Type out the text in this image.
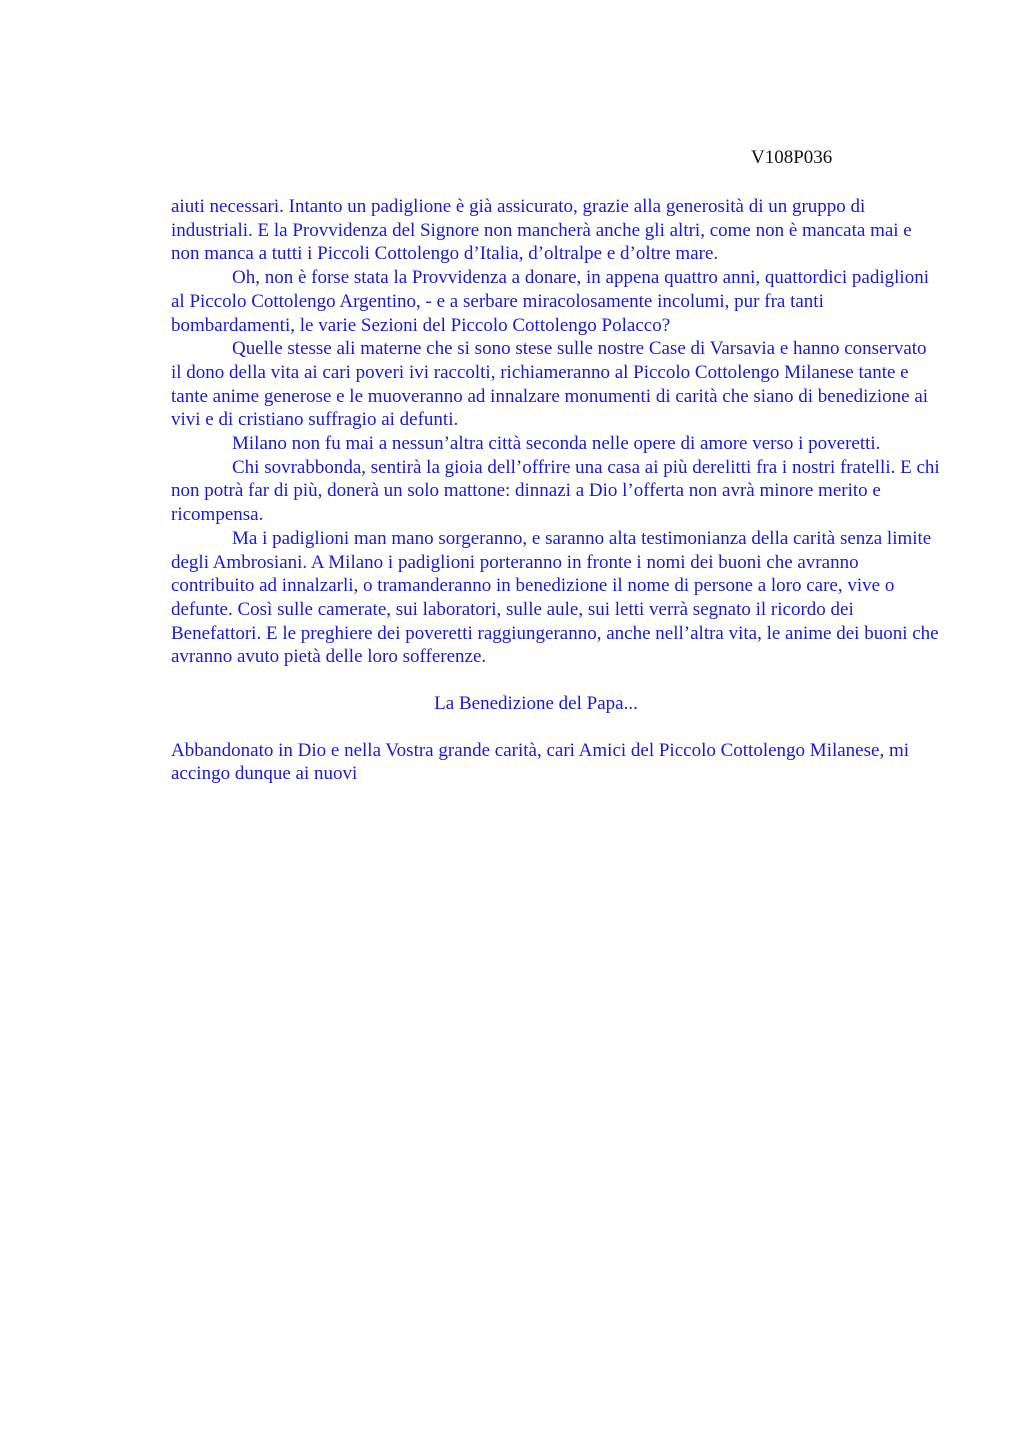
V108P036

aiuti necessari. Intanto un padiglione è già assicurato, grazie alla generosità di un gruppo di industriali. E la Provvidenza del Signore non mancherà anche gli altri, come non è mancata mai e non manca a tutti i Piccoli Cottolengo d’Italia, d’oltralpe e d’oltre mare.

Oh, non è forse stata la Provvidenza a donare, in appena quattro anni, quattordici padiglioni al Piccolo Cottolengo Argentino, - e a serbare miracolosamente incolumi, pur fra tanti bombardamenti, le varie Sezioni del Piccolo Cottolengo Polacco?

Quelle stesse ali materne che si sono stese sulle nostre Case di Varsavia e hanno conservato il dono della vita ai cari poveri ivi raccolti, richiameranno al Piccolo Cottolengo Milanese tante e tante anime generose e le muoveranno ad innalzare monumenti di carità che siano di benedizione ai vivi e di cristiano suffragio ai defunti.

Milano non fu mai a nessun’altra città seconda nelle opere di amore verso i poveretti.

Chi sovrabbonda, sentirà la gioia dell’offrire una casa ai più derelitti fra i nostri fratelli. E chi non potrà far di più, donerà un solo mattone: dinnazi a Dio l’offerta non avrà minore merito e ricompensa.

Ma i padiglioni man mano sorgeranno, e saranno alta testimonianza della carità senza limite degli Ambrosiani. A Milano i padiglioni porteranno in fronte i nomi dei buoni che avranno contribuito ad innalzarli, o tramanderanno in benedizione il nome di persone a loro care, vive o defunte. Così sulle camerate, sui laboratori, sulle aule, sui letti verrà segnato il ricordo dei Benefattori. E le preghiere dei poveretti raggiungeranno, anche nell’altra vita, le anime dei buoni che avranno avuto pietà delle loro sofferenze.

La Benedizione del Papa...

Abbandonato in Dio e nella Vostra grande carità, cari Amici del Piccolo Cottolengo Milanese, mi accingo dunque ai nuovi
